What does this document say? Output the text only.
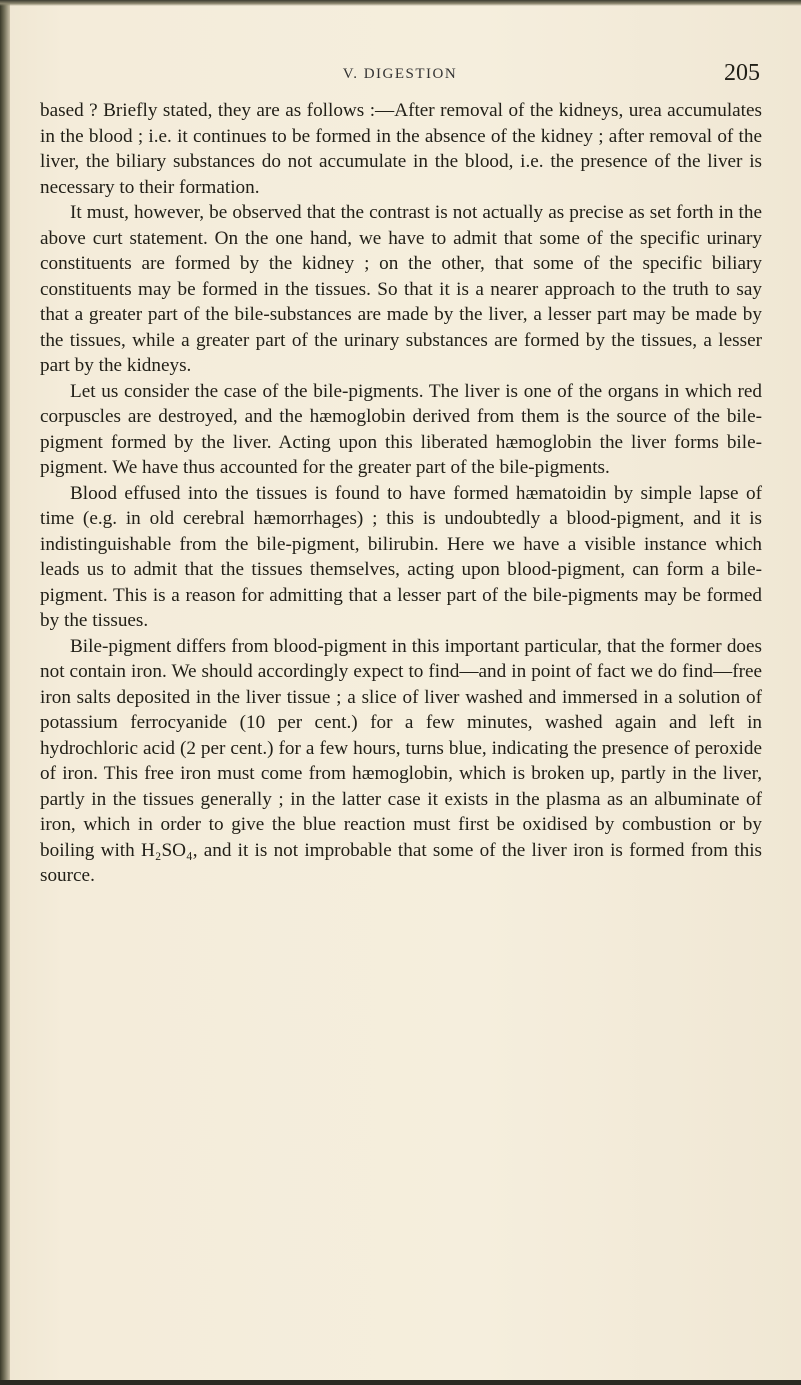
V. DIGESTION	205

based ? Briefly stated, they are as follows :—After removal of the kidneys, urea accumulates in the blood ; i.e. it continues to be formed in the absence of the kidney ; after removal of the liver, the biliary substances do not accumulate in the blood, i.e. the presence of the liver is necessary to their formation.

It must, however, be observed that the contrast is not actually as precise as set forth in the above curt statement. On the one hand, we have to admit that some of the specific urinary constituents are formed by the kidney ; on the other, that some of the specific biliary constituents may be formed in the tissues. So that it is a nearer approach to the truth to say that a greater part of the bile-substances are made by the liver, a lesser part may be made by the tissues, while a greater part of the urinary substances are formed by the tissues, a lesser part by the kidneys.

Let us consider the case of the bile-pigments. The liver is one of the organs in which red corpuscles are destroyed, and the hæmoglobin derived from them is the source of the bile-pigment formed by the liver. Acting upon this liberated hæmoglobin the liver forms bile-pigment. We have thus accounted for the greater part of the bile-pigments.

Blood effused into the tissues is found to have formed hæmatoidin by simple lapse of time (e.g. in old cerebral hæmorrhages) ; this is undoubtedly a blood-pigment, and it is indistinguishable from the bile-pigment, bilirubin. Here we have a visible instance which leads us to admit that the tissues themselves, acting upon blood-pigment, can form a bile-pigment. This is a reason for admitting that a lesser part of the bile-pigments may be formed by the tissues.

Bile-pigment differs from blood-pigment in this important particular, that the former does not contain iron. We should accordingly expect to find—and in point of fact we do find—free iron salts deposited in the liver tissue ; a slice of liver washed and immersed in a solution of potassium ferrocyanide (10 per cent.) for a few minutes, washed again and left in hydrochloric acid (2 per cent.) for a few hours, turns blue, indicating the presence of peroxide of iron. This free iron must come from hæmoglobin, which is broken up, partly in the liver, partly in the tissues generally ; in the latter case it exists in the plasma as an albuminate of iron, which in order to give the blue reaction must first be oxidised by combustion or by boiling with H₂SO₄, and it is not improbable that some of the liver iron is formed from this source.
